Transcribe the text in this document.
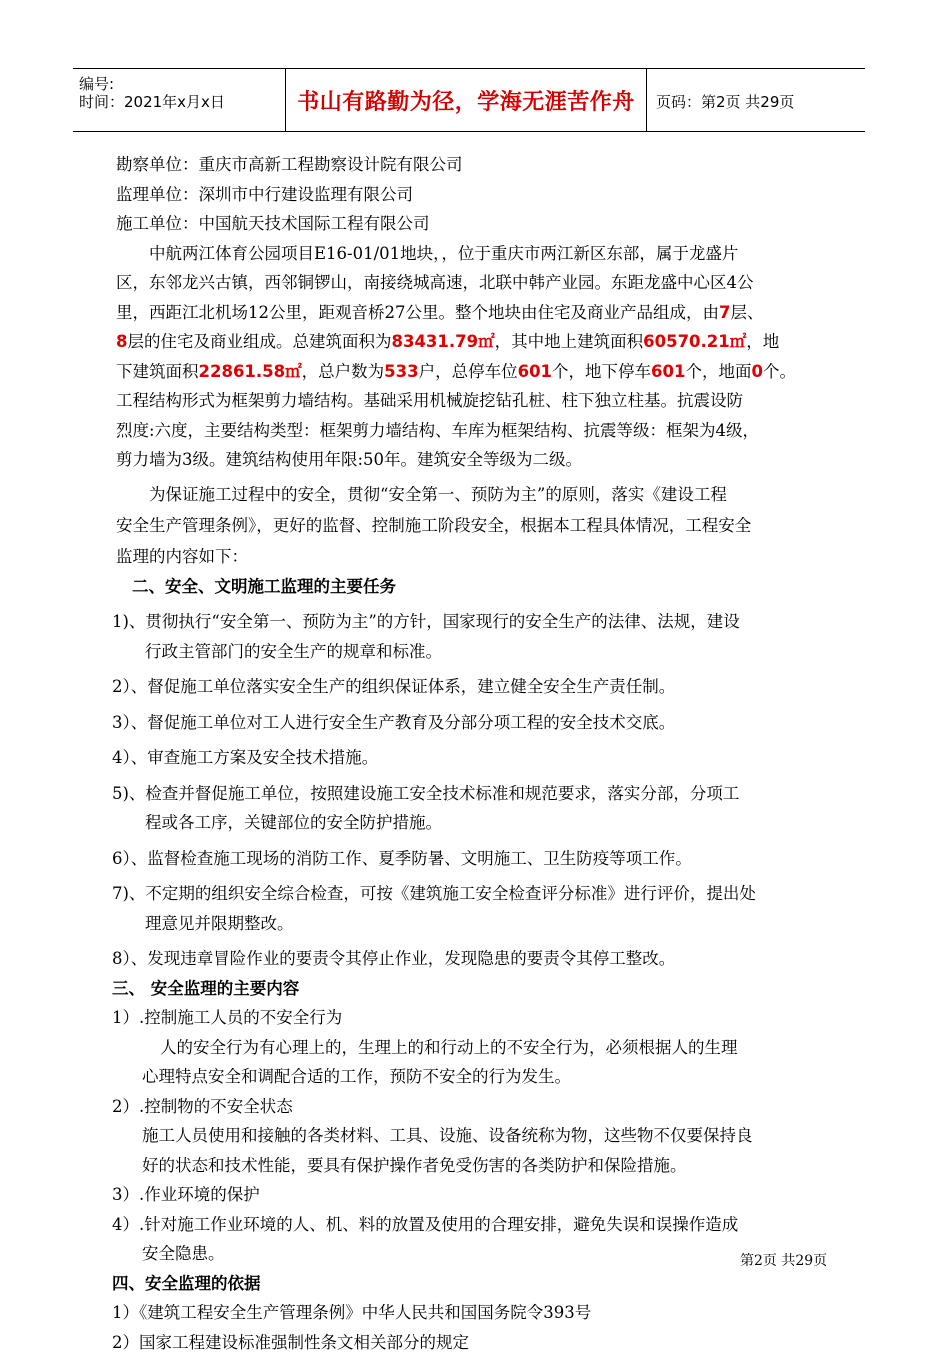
编号:
时间：2021年x月x日	书山有路勤为径，学海无涯苦作舟	页码：第2页 共29页
勘察单位：重庆市高新工程勘察设计院有限公司
监理单位：深圳市中行建设监理有限公司
施工单位：中国航天技术国际工程有限公司
中航两江体育公园项目E16-01/01地块，，位于重庆市两江新区东部，属于龙盛片
区，东邻龙兴古镇，西邻铜锣山，南接绕城高速，北联中韩产业园。东距龙盛中心区4公
里，西距江北机场12公里，距观音桥27公里。整个地块由住宅及商业产品组成，由7层、
8层的住宅及商业组成。总建筑面积为83431.79㎡，其中地上建筑面积60570.21㎡，地
下建筑面积22861.58㎡，总户数为533户，总停车位601个，地下停车601个，地面0个。
工程结构形式为框架剪力墙结构。基础采用机械旋挖钻孔桩、柱下独立柱基。抗震设防
烈度:六度，主要结构类型：框架剪力墙结构、车库为框架结构、抗震等级：框架为4级，
剪力墙为3级。建筑结构使用年限:50年。建筑安全等级为二级。
为保证施工过程中的安全，贯彻“安全第一、预防为主”的原则，落实《建设工程
安全生产管理条例》，更好的监督、控制施工阶段安全，根据本工程具体情况，工程安全
监理的内容如下：
二、安全、文明施工监理的主要任务
1)、贯彻执行“安全第一、预防为主”的方针，国家现行的安全生产的法律、法规，建设
行政主管部门的安全生产的规章和标准。
2）、督促施工单位落实安全生产的组织保证体系，建立健全安全生产责任制。
3）、督促施工单位对工人进行安全生产教育及分部分项工程的安全技术交底。
4）、审查施工方案及安全技术措施。
5)、检查并督促施工单位，按照建设施工安全技术标准和规范要求，落实分部，分项工
程或各工序，关键部位的安全防护措施。
6）、监督检查施工现场的消防工作、夏季防暑、文明施工、卫生防疫等项工作。
7)、不定期的组织安全综合检查，可按《建筑施工安全检查评分标准》进行评价，提出处
理意见并限期整改。
8）、发现违章冒险作业的要责令其停止作业，发现隐患的要责令其停工整改。
三、 安全监理的主要内容
1）.控制施工人员的不安全行为
人的安全行为有心理上的，生理上的和行动上的不安全行为，必须根据人的生理
心理特点安全和调配合适的工作，预防不安全的行为发生。
2）.控制物的不安全状态
施工人员使用和接触的各类材料、工具、设施、设备统称为物，这些物不仅要保持良
好的状态和技术性能，要具有保护操作者免受伤害的各类防护和保险措施。
3）.作业环境的保护
4）.针对施工作业环境的人、机、料的放置及使用的合理安排，避免失误和误操作造成
安全隐患。
四、安全监理的依据
1）《建筑工程安全生产管理条例》中华人民共和国国务院令393号
2）国家工程建设标准强制性条文相关部分的规定
第2页 共29页
